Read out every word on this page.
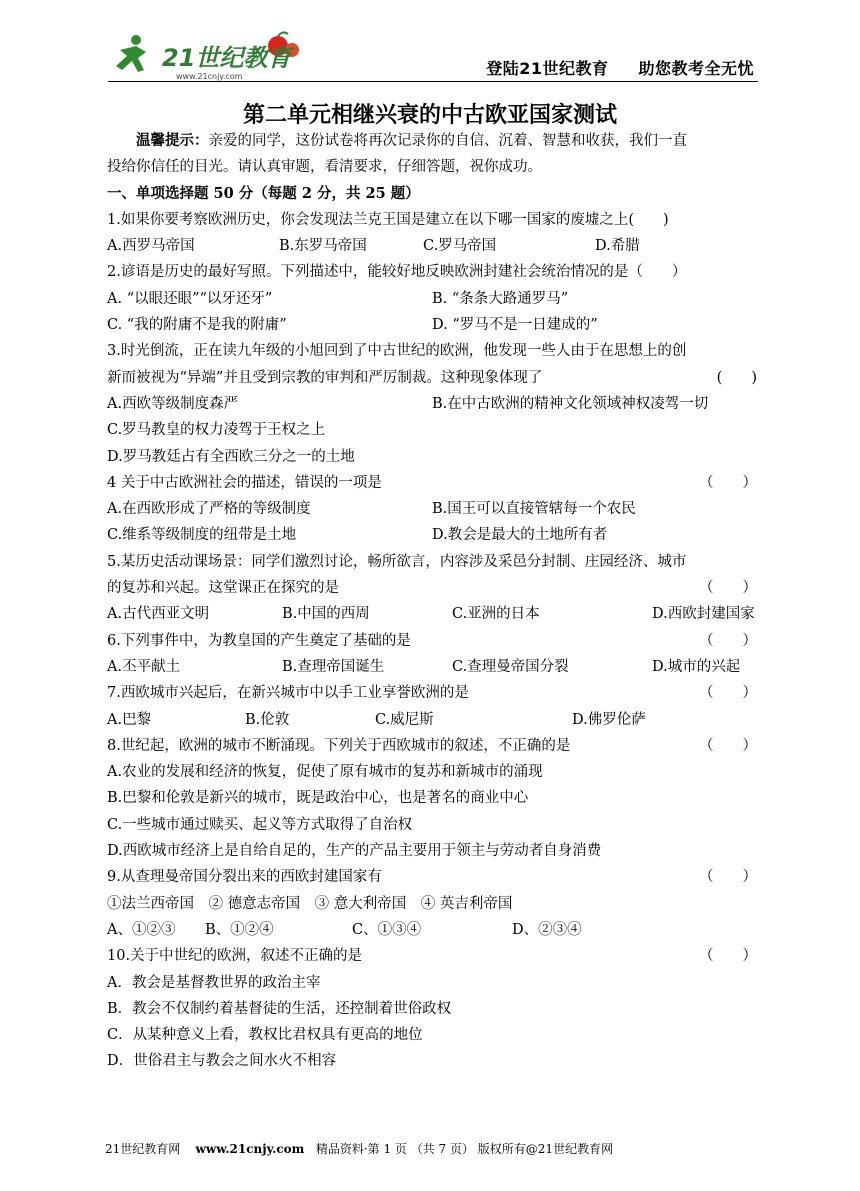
21世纪教育
www.21cnjy.com	登陆21世纪教育 助您教考全无忧
第二单元相继兴衰的中古欧亚国家测试
温馨提示：亲爱的同学，这份试卷将再次记录你的自信、沉着、智慧和收获，我们一直
投给你信任的目光。请认真审题，看清要求，仔细答题，祝你成功。
一、单项选择题 50 分（每题 2 分，共 25 题）
1.如果你要考察欧洲历史，你会发现法兰克王国是建立在以下哪一国家的废墟之上(　　)
A.西罗马帝国	B.东罗马帝国	C.罗马帝国	D.希腊
2.谚语是历史的最好写照。下列描述中，能较好地反映欧洲封建社会统治情况的是（　　）
A. “以眼还眼”“以牙还牙”	B. “条条大路通罗马”
C. “我的附庸不是我的附庸”	D. “罗马不是一日建成的”
3.时光倒流，正在读九年级的小旭回到了中古世纪的欧洲，他发现一些人由于在思想上的创
新而被视为“异端”并且受到宗教的审判和严厉制裁。这种现象体现了	(　　)
A.西欧等级制度森严	B.在中古欧洲的精神文化领域神权凌驾一切
C.罗马教皇的权力凌驾于王权之上
D.罗马教廷占有全西欧三分之一的土地
4 关于中古欧洲社会的描述，错误的一项是	（　　）
A.在西欧形成了严格的等级制度	B.国王可以直接管辖每一个农民
C.维系等级制度的纽带是土地	D.教会是最大的土地所有者
5.某历史活动课场景：同学们激烈讨论，畅所欲言，内容涉及采邑分封制、庄园经济、城市
的复苏和兴起。这堂课正在探究的是	（　　）
A.古代西亚文明	B.中国的西周	C.亚洲的日本	D.西欧封建国家
6.下列事件中，为教皇国的产生奠定了基础的是	（　　）
A.丕平献土	B.查理帝国诞生	C.查理曼帝国分裂	D.城市的兴起
7.西欧城市兴起后，在新兴城市中以手工业享誉欧洲的是	（　　）
A.巴黎	B.伦敦	C.威尼斯	D.佛罗伦萨
8.世纪起，欧洲的城市不断涌现。下列关于西欧城市的叙述，不正确的是	（　　）
A.农业的发展和经济的恢复，促使了原有城市的复苏和新城市的涌现
B.巴黎和伦敦是新兴的城市，既是政治中心，也是著名的商业中心
C.一些城市通过赎买、起义等方式取得了自治权
D.西欧城市经济上是自给自足的，生产的产品主要用于领主与劳动者自身消费
9.从查理曼帝国分裂出来的西欧封建国家有	（　　）
①法兰西帝国　② 德意志帝国　③ 意大利帝国　④ 英吉利帝国
A、①②③ B、①②④	C、①③④	D、②③④
10.关于中世纪的欧洲，叙述不正确的是	（　　）
A．教会是基督教世界的政治主宰
B．教会不仅制约着基督徒的生活，还控制着世俗政权
C．从某种意义上看，教权比君权具有更高的地位
D．世俗君主与教会之间水火不相容
21世纪教育网 www.21cnjy.com 精品资料·第 1 页 （共 7 页） 版权所有@21世纪教育网
